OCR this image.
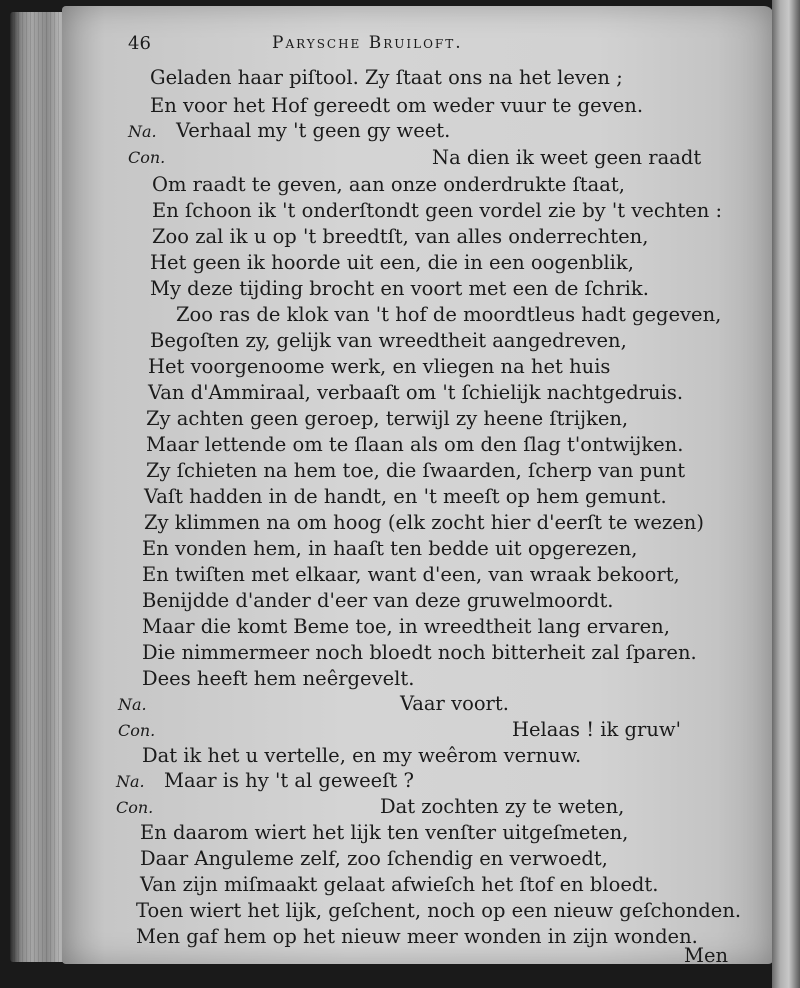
46	Parysche Bruiloft.
Geladen haar piſtool. Zy ſtaat ons na het leven ;
En voor het Hof gereedt om weder vuur te geven.
Na. Verhaal my 't geen gy weet.
Con.	Na dien ik weet geen raadt
Om raadt te geven, aan onze onderdrukte ſtaat,
En ſchoon ik 't onderſtondt geen vordel zie by 't vechten :
Zoo zal ik u op 't breedtſt, van alles onderrechten,
Het geen ik hoorde uit een, die in een oogenblik,
My deze tijding brocht en voort met een de ſchrik.
Zoo ras de klok van 't hof de moordtleus hadt gegeven,
Begoſten zy, gelijk van wreedtheit aangedreven,
Het voorgenoome werk, en vliegen na het huis
Van d'Ammiraal, verbaaſt om 't ſchielijk nachtgedruis.
Zy achten geen geroep, terwijl zy heene ſtrijken,
Maar lettende om te ſlaan als om den ſlag t'ontwijken.
Zy ſchieten na hem toe, die ſwaarden, ſcherp van punt
Vaſt hadden in de handt, en 't meeſt op hem gemunt.
Zy klimmen na om hoog (elk zocht hier d'eerſt te wezen)
En vonden hem, in haaſt ten bedde uit opgerezen,
En twiſten met elkaar, want d'een, van wraak bekoort,
Benijdde d'ander d'eer van deze gruwelmoordt.
Maar die komt Beme toe, in wreedtheit lang ervaren,
Die nimmermeer noch bloedt noch bitterheit zal ſparen.
Dees heeft hem neêrgevelt.
Na.	Vaar voort.
Con.	Helaas ! ik gruw'
Dat ik het u vertelle, en my weêrom vernuw.
Na. Maar is hy 't al geweeſt ?
Con.	Dat zochten zy te weten,
En daarom wiert het lijk ten venſter uitgeſmeten,
Daar Anguleme zelf, zoo ſchendig en verwoedt,
Van zijn miſmaakt gelaat afwieſch het ſtof en bloedt.
Toen wiert het lijk, geſchent, noch op een nieuw geſchonden.
Men gaf hem op het nieuw meer wonden in zijn wonden.
Men
